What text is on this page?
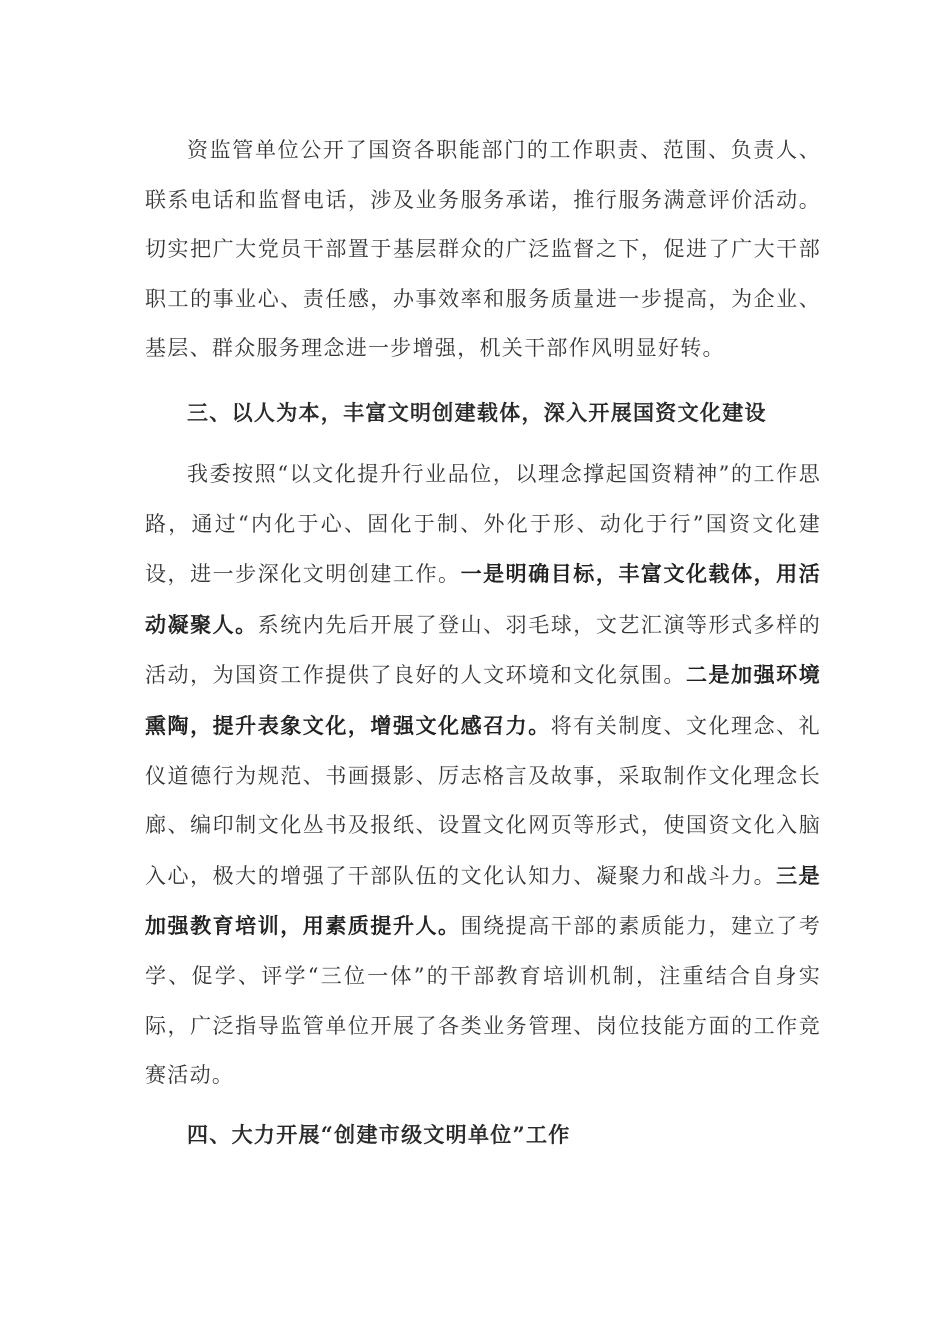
资监管单位公开了国资各职能部门的工作职责、范围、负责人、联系电话和监督电话，涉及业务服务承诺，推行服务满意评价活动。切实把广大党员干部置于基层群众的广泛监督之下，促进了广大干部职工的事业心、责任感，办事效率和服务质量进一步提高，为企业、基层、群众服务理念进一步增强，机关干部作风明显好转。

三、以人为本，丰富文明创建载体，深入开展国资文化建设

我委按照“以文化提升行业品位，以理念撑起国资精神”的工作思路，通过“内化于心、固化于制、外化于形、动化于行”国资文化建设，进一步深化文明创建工作。一是明确目标，丰富文化载体，用活动凝聚人。系统内先后开展了登山、羽毛球，文艺汇演等形式多样的活动，为国资工作提供了良好的人文环境和文化氛围。二是加强环境熏陶，提升表象文化，增强文化感召力。将有关制度、文化理念、礼仪道德行为规范、书画摄影、厉志格言及故事，采取制作文化理念长廊、编印制文化丛书及报纸、设置文化网页等形式，使国资文化入脑入心，极大的增强了干部队伍的文化认知力、凝聚力和战斗力。三是加强教育培训，用素质提升人。围绕提高干部的素质能力，建立了考学、促学、评学“三位一体”的干部教育培训机制，注重结合自身实际，广泛指导监管单位开展了各类业务管理、岗位技能方面的工作竞赛活动。

四、大力开展“创建市级文明单位”工作
